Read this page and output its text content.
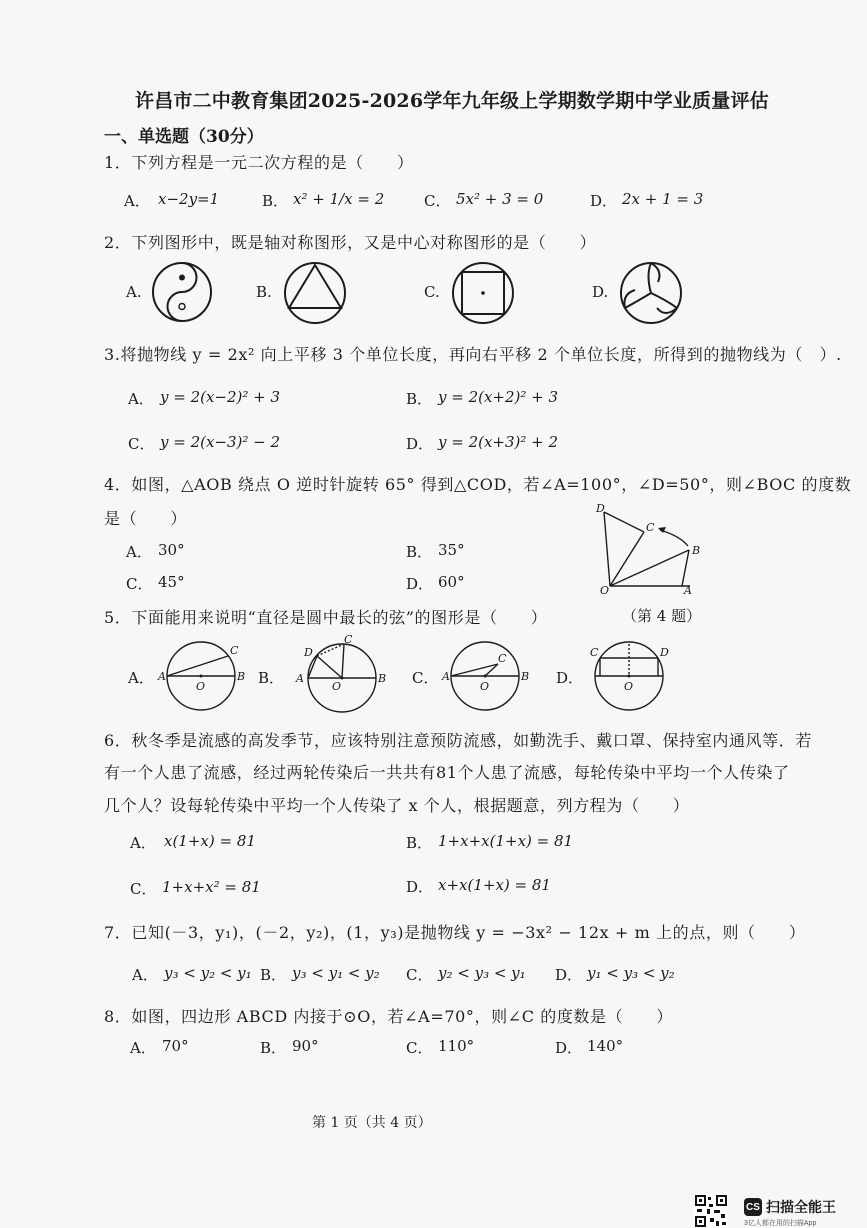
许昌市二中教育集团2025-2026学年九年级上学期数学期中学业质量评估
一、单选题（30分）
1．下列方程是一元二次方程的是（　　）
A． x−2y=1	B． x² + 1/x = 2	C． 5x² + 3 = 0	D． 2x + 1 = 3
2．下列图形中，既是轴对称图形，又是中心对称图形的是（　　）
A.	B.	C.	D.
3.将抛物线 y = 2x² 向上平移 3 个单位长度，再向右平移 2 个单位长度，所得到的抛物线为（　）.
A． y = 2(x−2)² + 3	B． y = 2(x+2)² + 3
C． y = 2(x−3)² − 2	D． y = 2(x+3)² + 2
4．如图，△AOB 绕点 O 逆时针旋转 65° 得到△COD，若∠A=100°，∠D=50°，则∠BOC 的度数
是（　　）
A． 30°	B． 35°
C． 45°	D． 60°
D
C
B
O	A
5．下面能用来说明“直径是圆中最长的弦”的图形是（　　）	（第 4 题）
A．	B．	C．	D．
A
C
B
O
A
D
C
B
O
A
C
B
O
C	D
O
6．秋冬季是流感的高发季节，应该特别注意预防流感，如勤洗手、戴口罩、保持室内通风等．若
有一个人患了流感，经过两轮传染后一共共有81个人患了流感，每轮传染中平均一个人传染了
几个人？设每轮传染中平均一个人传染了 x 个人，根据题意，列方程为（　　）
A． x(1+x) = 81	B． 1+x+x(1+x) = 81
C． 1+x+x² = 81	D． x+x(1+x) = 81
7．已知(－3，y₁)，(－2，y₂)，(1，y₃)是抛物线 y = −3x² − 12x + m 上的点，则（　　）
A． y₃ < y₂ < y₁ B． y₃ < y₁ < y₂ C． y₂ < y₃ < y₁ D． y₁ < y₃ < y₂
8．如图，四边形 ABCD 内接于⊙O，若∠A=70°，则∠C 的度数是（　　）
A． 70°	B． 90°	C． 110°	D． 140°
第 1 页（共 4 页）
CS 扫描全能王
3亿人都在用的扫描App
